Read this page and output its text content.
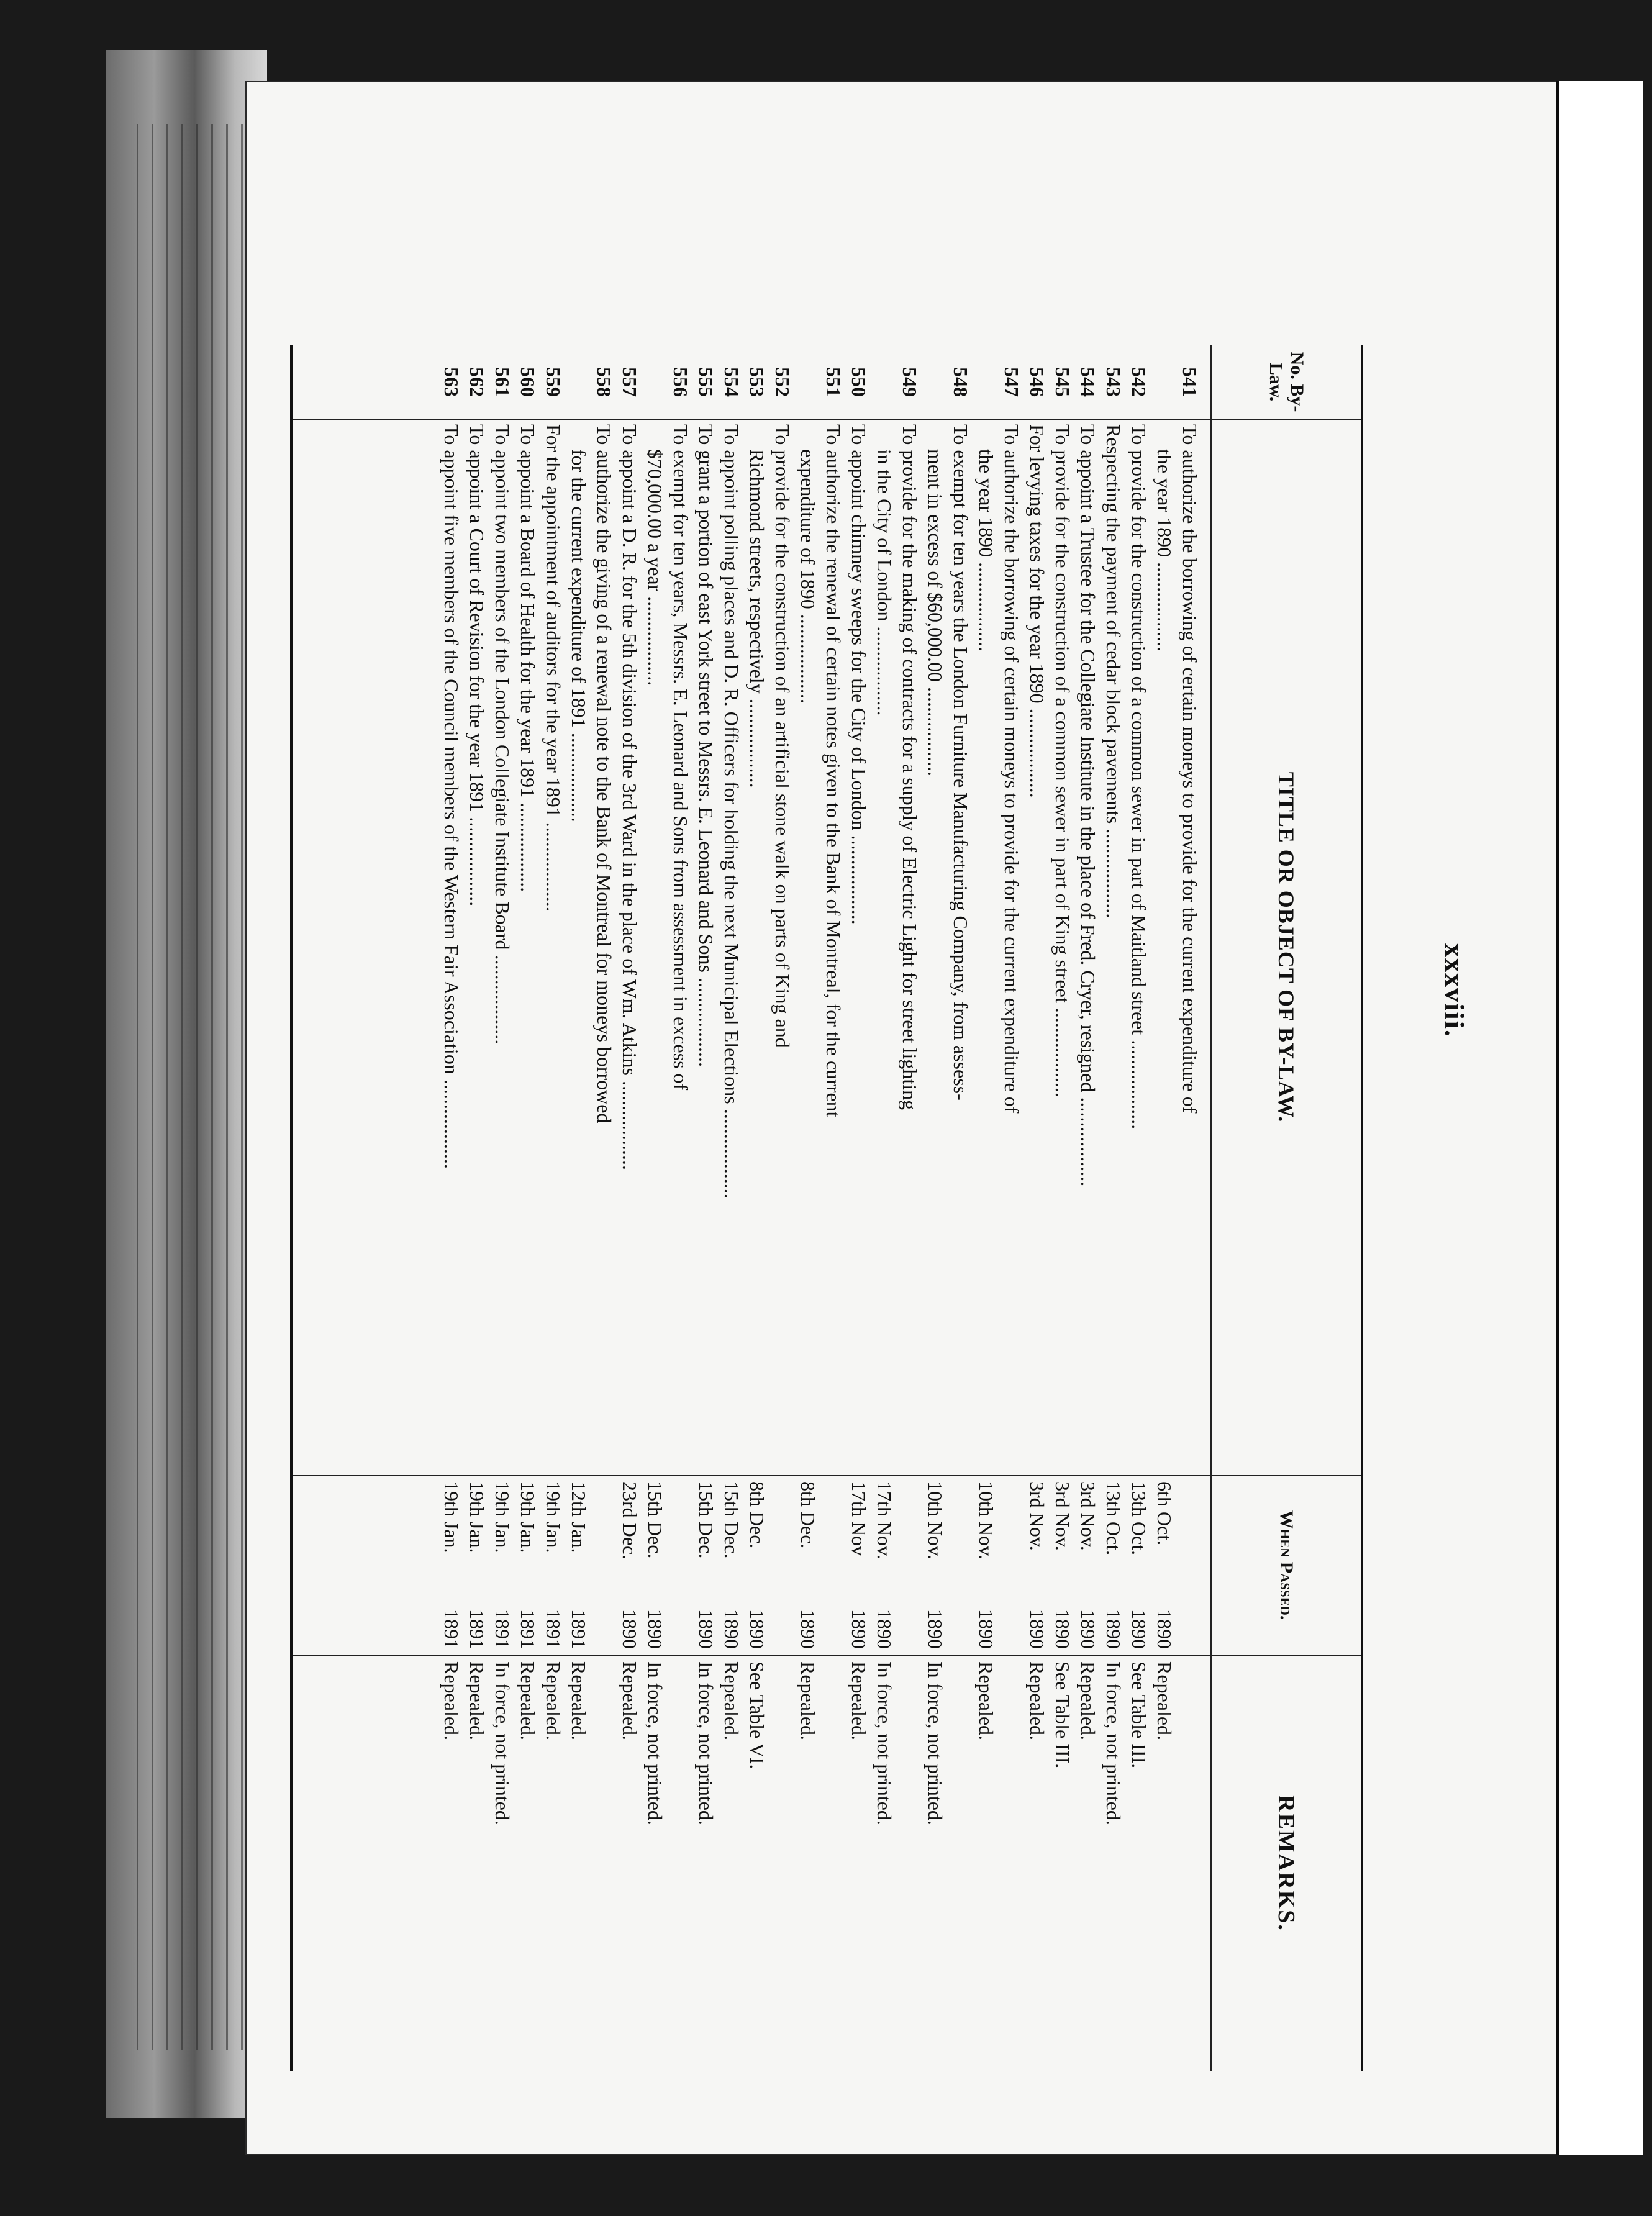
xxxviii.
No. By-Law.
TITLE OR OBJECT OF BY-LAW.
When Passed.
REMARKS.
541
To authorize the borrowing of certain moneys to provide for the current expenditure of
the year 1890 ..................
6th Oct.
1890
Repealed.
542
To provide for the construction of a common sewer in part of Maitland street ..................
13th Oct.
1890
See Table III.
543
Respecting the payment of cedar block pavements ..................
13th Oct.
1890
In force, not printed.
544
To appoint a Trustee for the Collegiate Institute in the place of Fred. Cryer, resigned ..................
3rd Nov.
1890
Repealed.
545
To provide for the construction of a common sewer in part of King street ..................
3rd Nov.
1890
See Table III.
546
For levying taxes for the year 1890 ..................
3rd Nov.
1890
Repealed.
547
To authorize the borrowing of certain moneys to provide for the current expenditure of
the year 1890 ..................
10th Nov.
1890
Repealed.
548
To exempt for ten years the London Furniture Manufacturing Company, from assess-
ment in excess of $60,000.00 ..................
10th Nov.
1890
In force, not printed.
549
To provide for the making of contracts for a supply of Electric Light for street lighting
in the City of London ..................
17th Nov.
1890
In force, not printed.
550
To appoint chimney sweeps for the City of London ..................
17th Nov
1890
Repealed.
551
To authorize the renewal of certain notes given to the Bank of Montreal, for the current
expenditure of 1890 ..................
8th Dec.
1890
Repealed.
552
To provide for the construction of an artificial stone walk on parts of King and
553
Richmond streets, respectively ..................
8th Dec.
1890
See Table VI.
554
To appoint polling places and D. R. Officers for holding the next Municipal Elections ..................
15th Dec.
1890
Repealed.
555
To grant a portion of east York street to Messrs. E. Leonard and Sons ..................
15th Dec.
1890
In force, not printed.
556
To exempt for ten years, Messrs. E. Leonard and Sons from assessment in excess of
$70,000.00 a year ..................
15th Dec.
1890
In force, not printed.
557
To appoint a D. R. for the 5th division of the 3rd Ward in the place of Wm. Atkins ..................
23rd Dec.
1890
Repealed.
558
To authorize the giving of a renewal note to the Bank of Montreal for moneys borrowed
for the current expenditure of 1891 ..................
12th Jan.
1891
Repealed.
559
For the appointment of auditors for the year 1891 ..................
19th Jan.
1891
Repealed.
560
To appoint a Board of Health for the year 1891 ..................
19th Jan.
1891
Repealed.
561
To appoint two members of the London Collegiate Institute Board ..................
19th Jan.
1891
In force, not printed.
562
To appoint a Court of Revision for the year 1891 ..................
19th Jan.
1891
Repealed.
563
To appoint five members of the Council members of the Western Fair Association ..................
19th Jan.
1891
Repealed.
